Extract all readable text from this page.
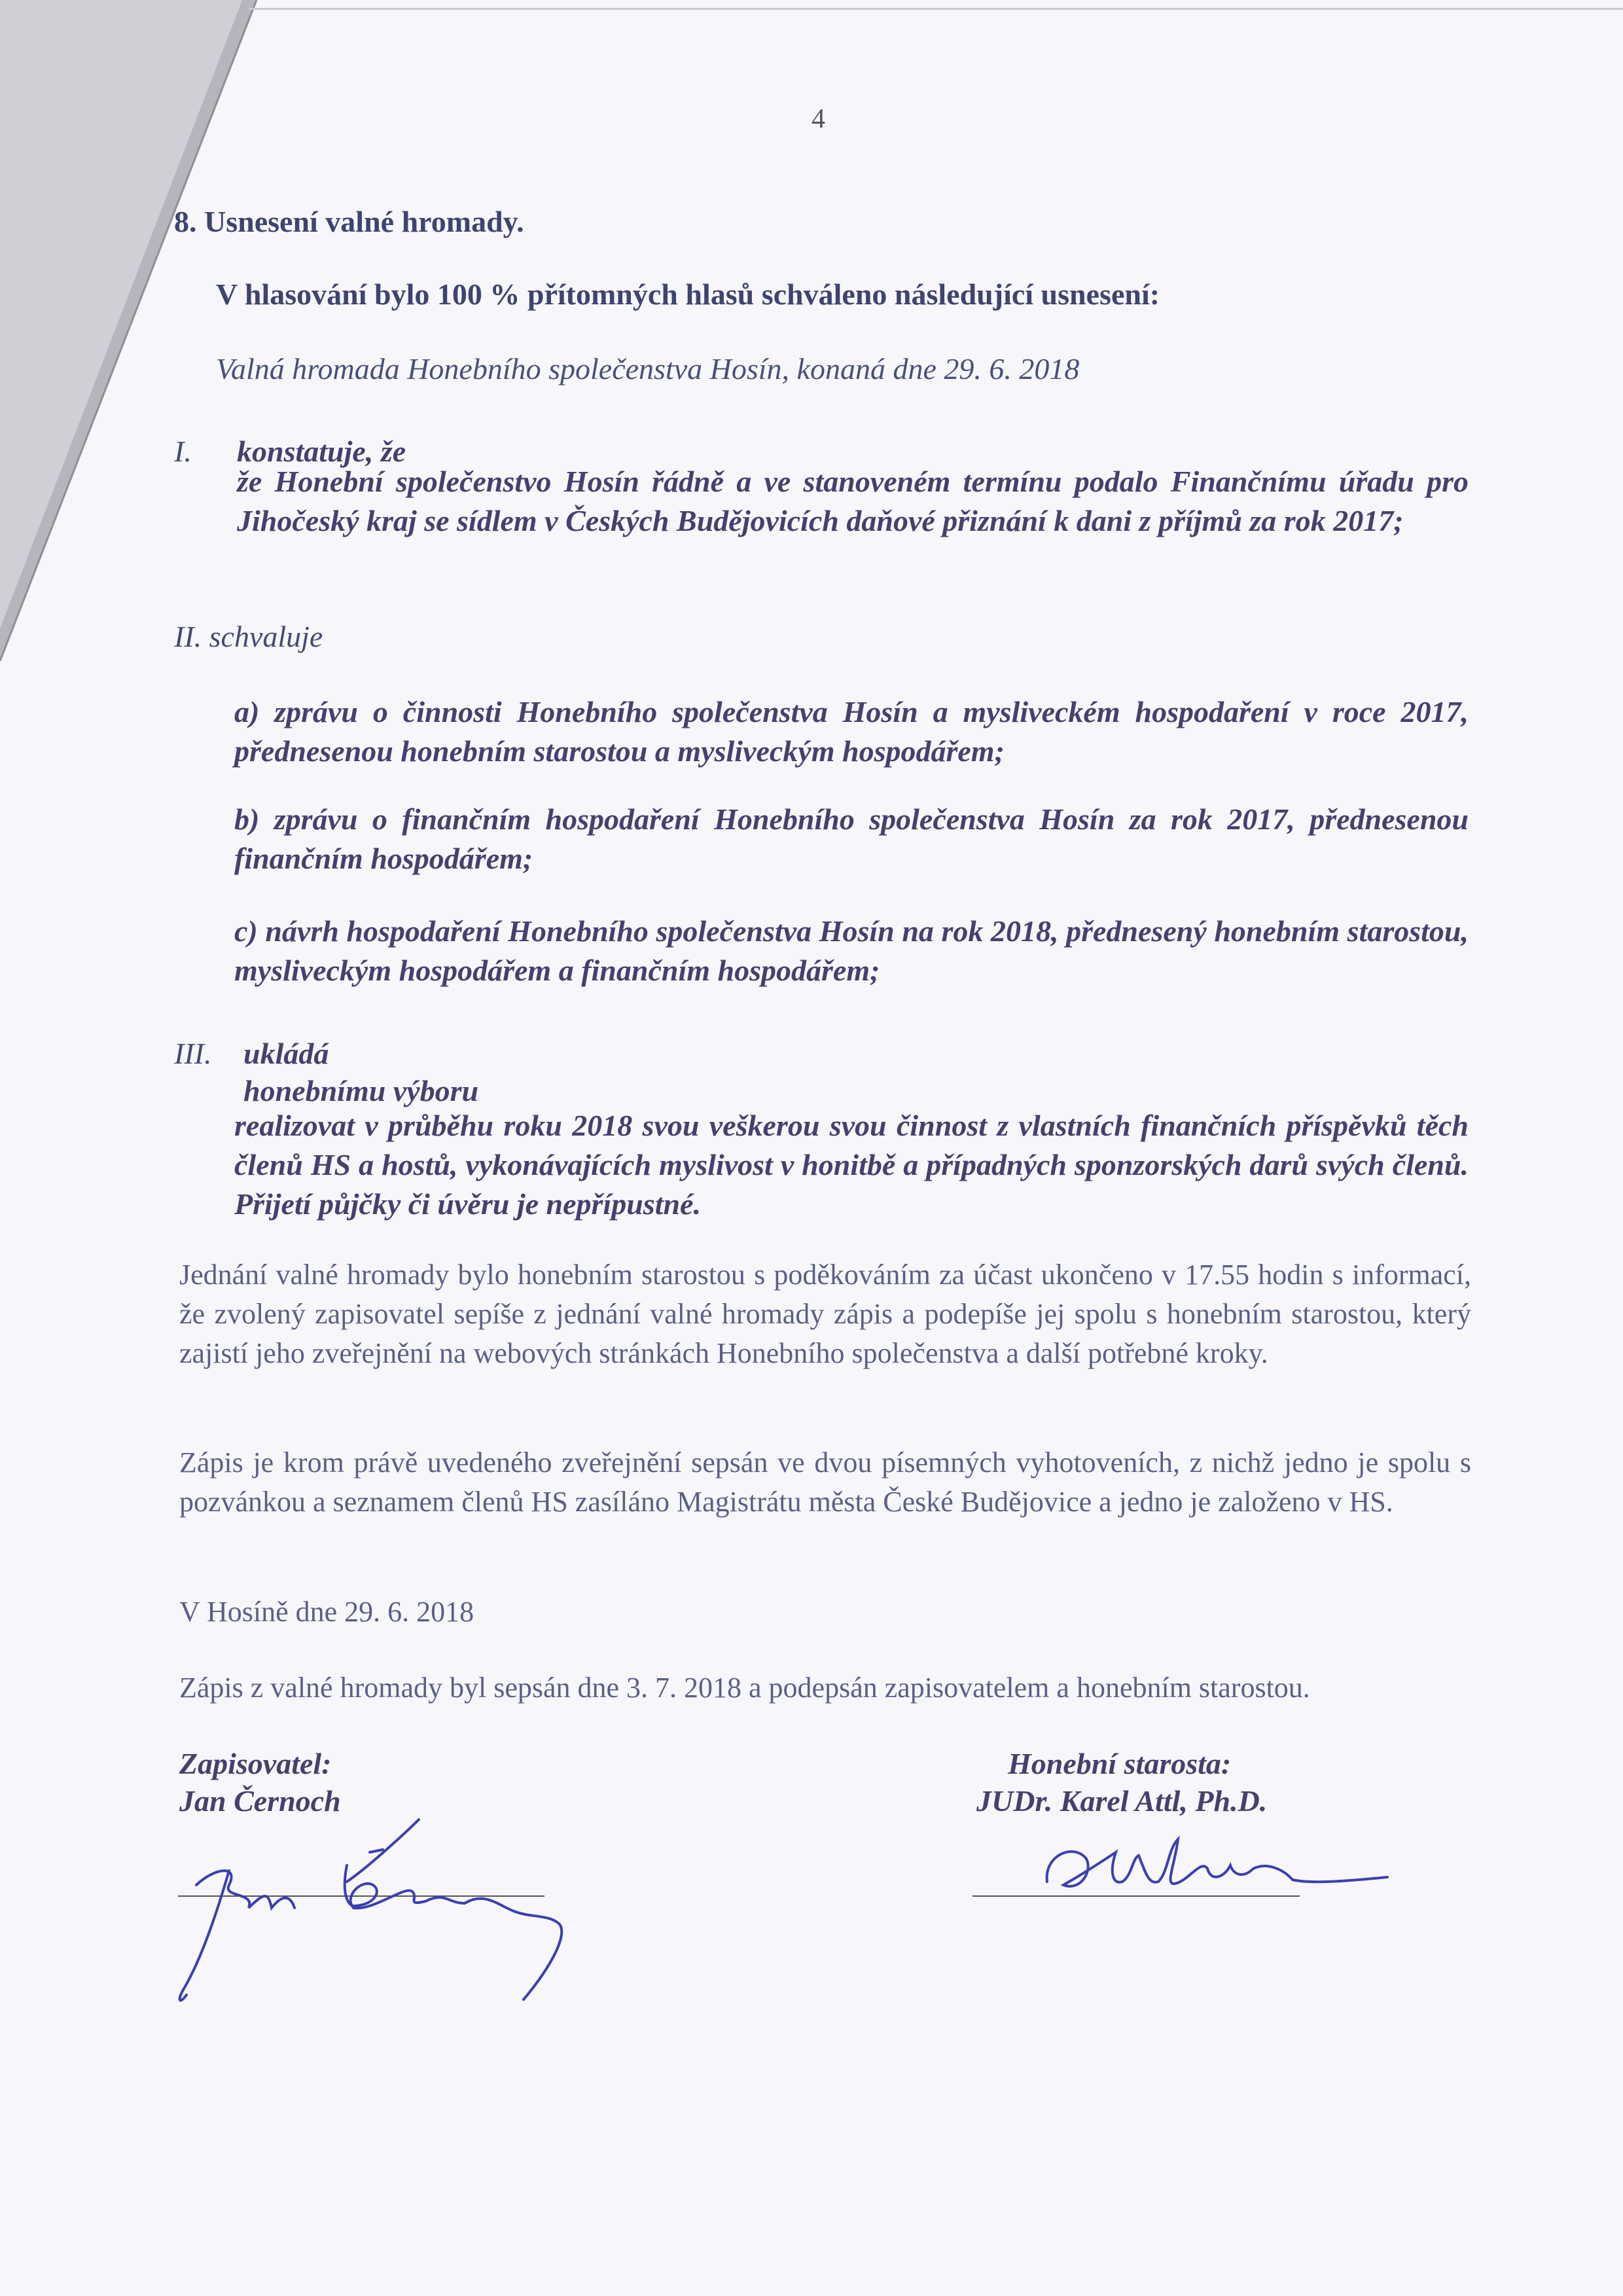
4
8. Usnesení valné hromady.
V hlasování bylo 100 % přítomných hlasů schváleno následující usnesení:
Valná hromada Honebního společenstva Hosín, konaná dne 29. 6. 2018
I. konstatuje, že
že Honební společenstvo Hosín řádně a ve stanoveném termínu podalo Finančnímu úřadu pro Jihočeský kraj se sídlem v Českých Budějovicích daňové přiznání k dani z příjmů za rok 2017;
II. schvaluje
a) zprávu o činnosti Honebního společenstva Hosín a mysliveckém hospodaření v roce 2017, přednesenou honebním starostou a mysliveckým hospodářem;
b) zprávu o finančním hospodaření Honebního společenstva Hosín za rok 2017, přednesenou finančním hospodářem;
c) návrh hospodaření Honebního společenstva Hosín na rok 2018, přednesený honebním starostou, mysliveckým hospodářem a finančním hospodářem;
III. ukládá
honebnímu výboru
realizovat v průběhu roku 2018 svou veškerou svou činnost z vlastních finančních příspěvků těch členů HS a hostů, vykonávajících myslivost v honitbě a případných sponzorských darů svých členů. Přijetí půjčky či úvěru je nepřípustné.
Jednání valné hromady bylo honebním starostou s poděkováním za účast ukončeno v 17.55 hodin s informací, že zvolený zapisovatel sepíše z jednání valné hromady zápis a podepíše jej spolu s honebním starostou, který zajistí jeho zveřejnění na webových stránkách Honebního společenstva a další potřebné kroky.
Zápis je krom právě uvedeného zveřejnění sepsán ve dvou písemných vyhotoveních, z nichž jedno je spolu s pozvánkou a seznamem členů HS zasíláno Magistrátu města České Budějovice a jedno je založeno v HS.
V Hosíně dne 29. 6. 2018
Zápis z valné hromady byl sepsán dne 3. 7. 2018 a podepsán zapisovatelem a honebním starostou.
Zapisovatel:
Jan Černoch
Honební starosta:
JUDr. Karel Attl, Ph.D.
